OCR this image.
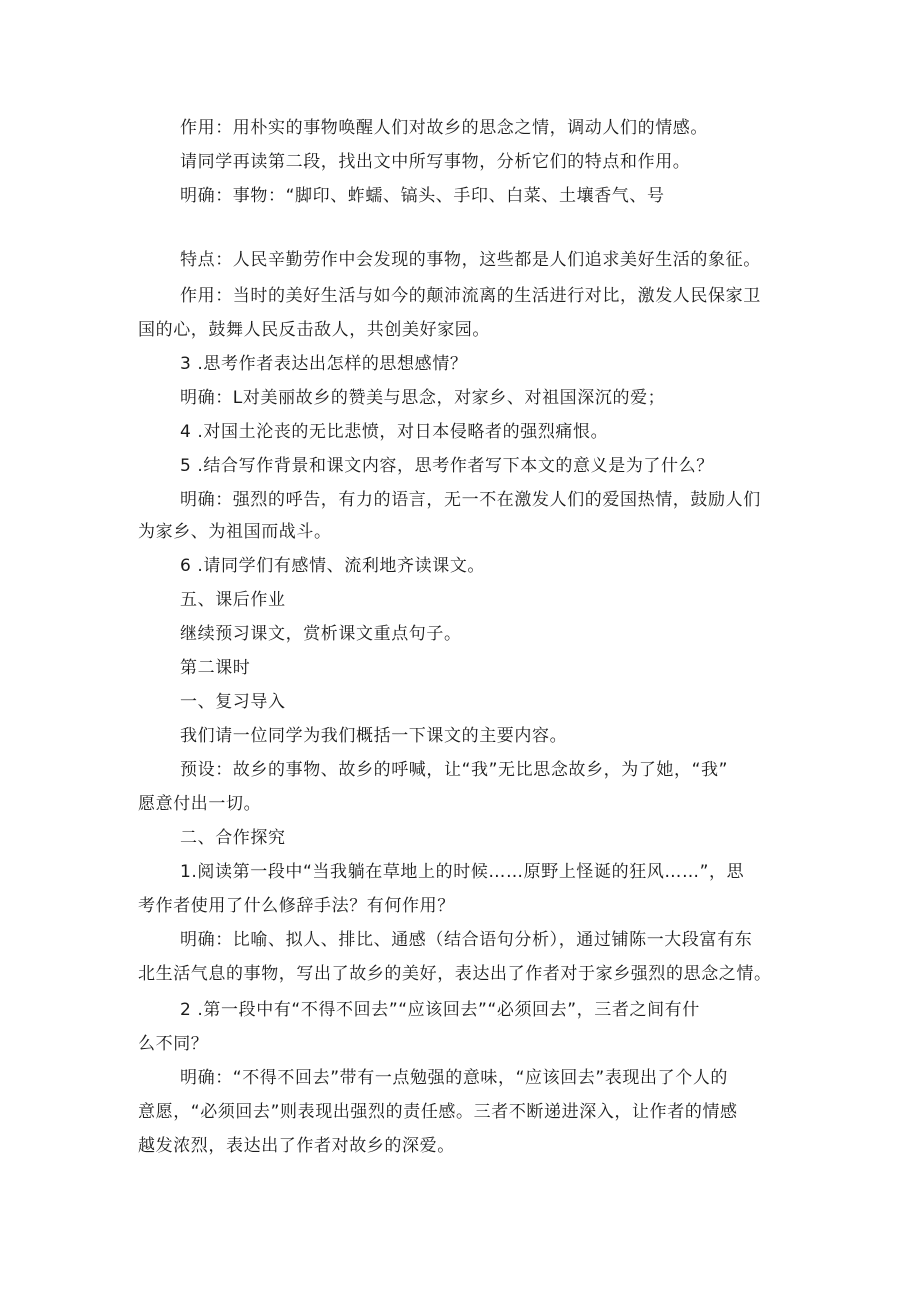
作用：用朴实的事物唤醒人们对故乡的思念之情，调动人们的情感。
请同学再读第二段，找出文中所写事物，分析它们的特点和作用。
明确：事物：“脚印、蚱蠕、镐头、手印、白菜、土壤香气、号
特点：人民辛勤劳作中会发现的事物，这些都是人们追求美好生活的象征。
作用：当时的美好生活与如今的颠沛流离的生活进行对比，激发人民保家卫
国的心，鼓舞人民反击敌人，共创美好家园。
3 .思考作者表达出怎样的思想感情？
明确：L对美丽故乡的赞美与思念，对家乡、对祖国深沉的爱；
4 .对国土沦丧的无比悲愤，对日本侵略者的强烈痛恨。
5 .结合写作背景和课文内容，思考作者写下本文的意义是为了什么？
明确：强烈的呼告，有力的语言，无一不在激发人们的爱国热情，鼓励人们
为家乡、为祖国而战斗。
6 .请同学们有感情、流利地齐读课文。
五、课后作业
继续预习课文，赏析课文重点句子。
第二课时
一、复习导入
我们请一位同学为我们概括一下课文的主要内容。
预设：故乡的事物、故乡的呼喊，让“我”无比思念故乡，为了她，“我”
愿意付出一切。
二、合作探究
1.阅读第一段中“当我躺在草地上的时候……原野上怪诞的狂风……”，思
考作者使用了什么修辞手法？有何作用？
明确：比喻、拟人、排比、通感（结合语句分析），通过铺陈一大段富有东
北生活气息的事物，写出了故乡的美好，表达出了作者对于家乡强烈的思念之情。
2 .第一段中有“不得不回去”“应该回去”“必须回去”，三者之间有什
么不同？
明确：“不得不回去”带有一点勉强的意味，“应该回去”表现出了个人的
意愿，“必须回去”则表现出强烈的责任感。三者不断递进深入，让作者的情感
越发浓烈，表达出了作者对故乡的深爱。
